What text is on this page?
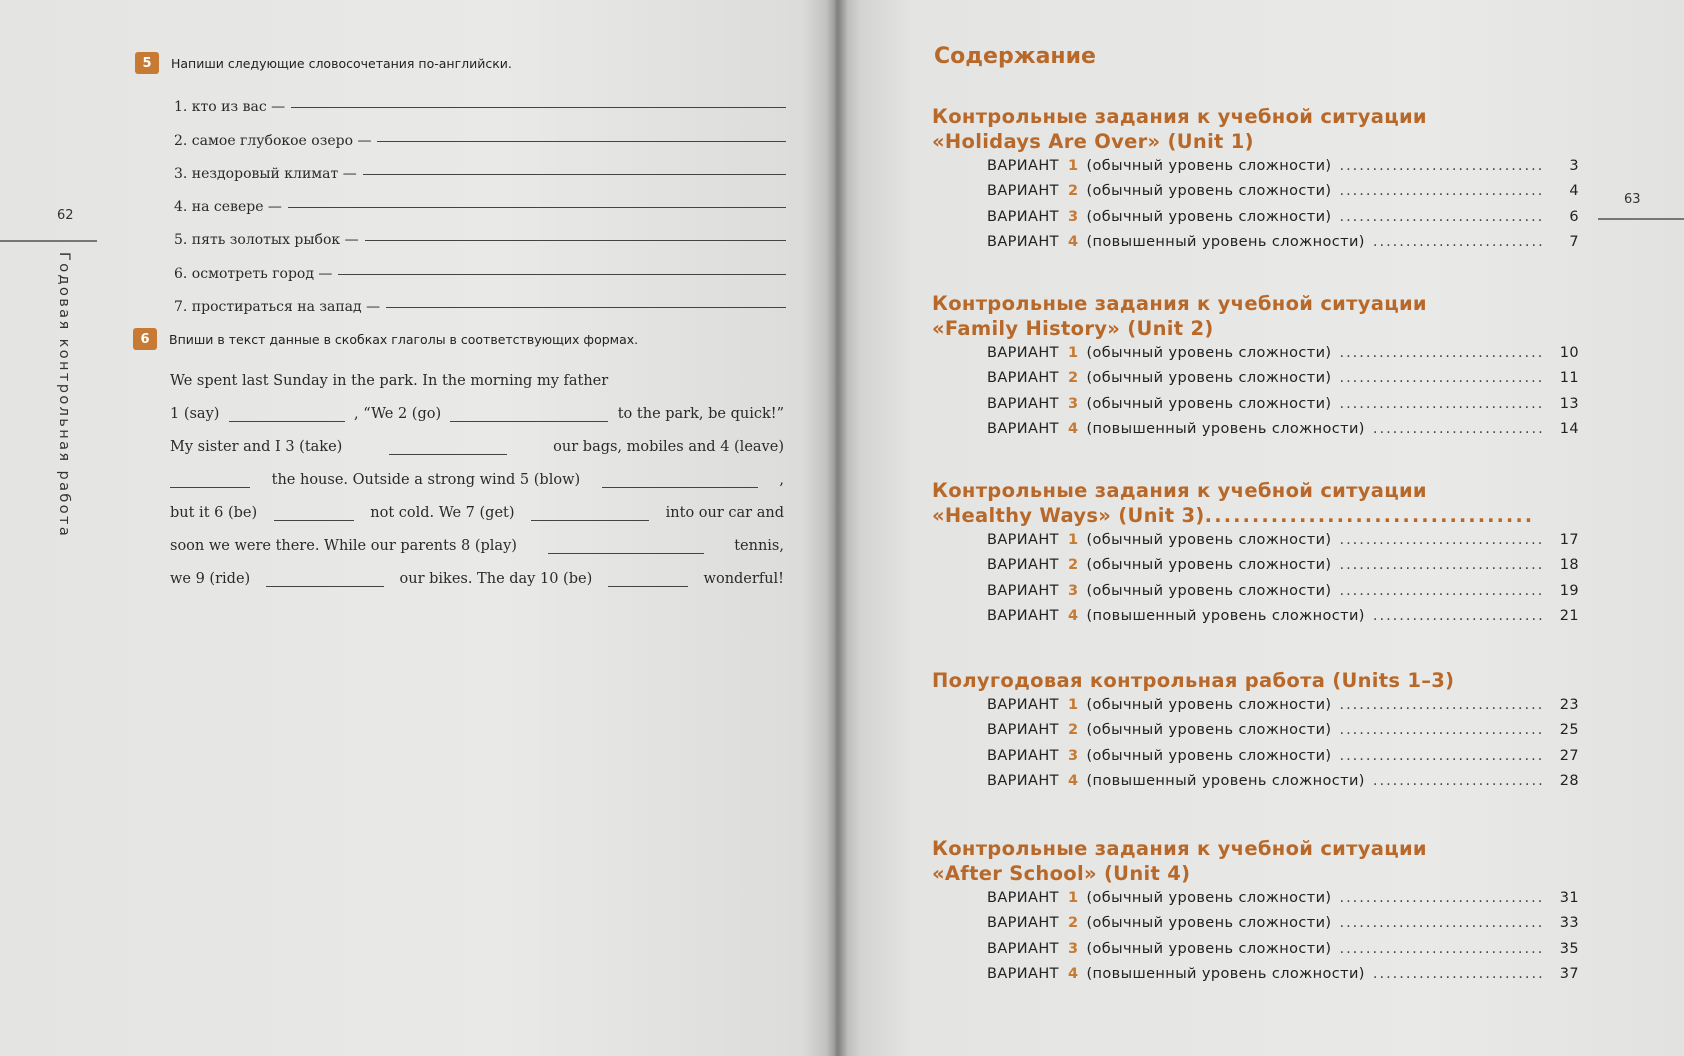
62
Годовая контрольная работа
5	Напиши следующие словосочетания по-английски.
1. кто из вас —
2. самое глубокое озеро —
3. нездоровый климат —
4. на севере —
5. пять золотых рыбок —
6. осмотреть город —
7. простираться на запад —
6	Впиши в текст данные в скобках глаголы в соответствующих формах.
We spent last Sunday in the park. In the morning my father
1 (say)	, “We 2 (go)	to the park, be quick!”
My sister and I 3 (take)	our bags, mobiles and 4 (leave)
the house. Outside a strong wind 5 (blow)	,
but it 6 (be)	not cold. We 7 (get)	into our car and
soon we were there. While our parents 8 (play)	tennis,
we 9 (ride)	our bikes. The day 10 (be)	wonderful!
63
Содержание
Контрольные задания к учебной ситуации
«Holidays Are Over» (Unit 1)
ВАРИАНТ 1 (обычный уровень сложности) .....	3
ВАРИАНТ 2 (обычный уровень сложности) .....	4
ВАРИАНТ 3 (обычный уровень сложности) .....	6
ВАРИАНТ 4 (повышенный уровень сложности) .....	7
Контрольные задания к учебной ситуации
«Family History» (Unit 2)
ВАРИАНТ 1 (обычный уровень сложности) .....	10
ВАРИАНТ 2 (обычный уровень сложности) .....	11
ВАРИАНТ 3 (обычный уровень сложности) .....	13
ВАРИАНТ 4 (повышенный уровень сложности) .....	14
Контрольные задания к учебной ситуации
«Healthy Ways» (Unit 3). ..................................
ВАРИАНТ 1 (обычный уровень сложности) .....	17
ВАРИАНТ 2 (обычный уровень сложности) .....	18
ВАРИАНТ 3 (обычный уровень сложности) .....	19
ВАРИАНТ 4 (повышенный уровень сложности) .....	21
Полугодовая контрольная работа (Units 1–3)
ВАРИАНТ 1 (обычный уровень сложности) .....	23
ВАРИАНТ 2 (обычный уровень сложности) .....	25
ВАРИАНТ 3 (обычный уровень сложности) .....	27
ВАРИАНТ 4 (повышенный уровень сложности) .....	28
Контрольные задания к учебной ситуации
«After School» (Unit 4)
ВАРИАНТ 1 (обычный уровень сложности) .....	31
ВАРИАНТ 2 (обычный уровень сложности) .....	33
ВАРИАНТ 3 (обычный уровень сложности) .....	35
ВАРИАНТ 4 (повышенный уровень сложности) .....	37
